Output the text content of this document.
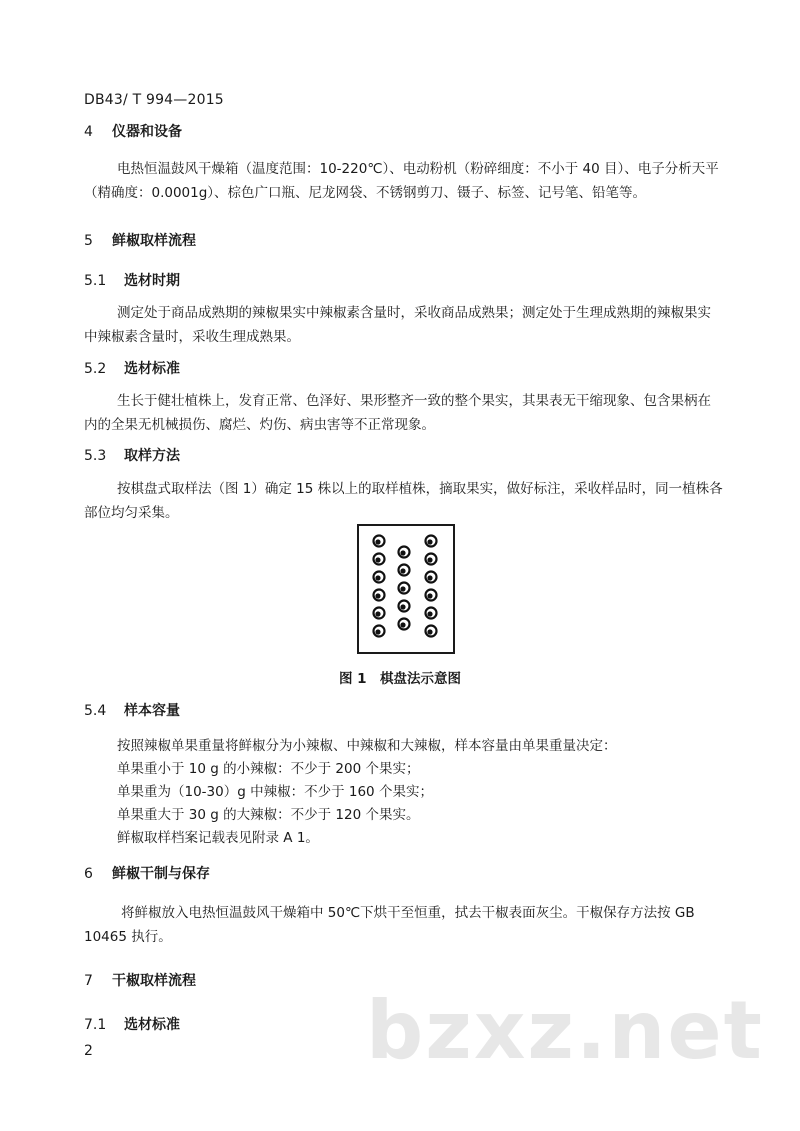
DB43/ T 994—2015
4 仪器和设备
电热恒温鼓风干燥箱（温度范围：10-220℃）、电动粉机（粉碎细度：不小于 40 目）、电子分析天平（精确度：0.0001g）、棕色广口瓶、尼龙网袋、不锈钢剪刀、镊子、标签、记号笔、铅笔等。
5 鲜椒取样流程
5.1 选材时期
测定处于商品成熟期的辣椒果实中辣椒素含量时，采收商品成熟果；测定处于生理成熟期的辣椒果实中辣椒素含量时，采收生理成熟果。
5.2 选材标准
生长于健壮植株上，发育正常、色泽好、果形整齐一致的整个果实，其果表无干缩现象、包含果柄在内的全果无机械损伤、腐烂、灼伤、病虫害等不正常现象。
5.3 取样方法
按棋盘式取样法（图 1）确定 15 株以上的取样植株，摘取果实，做好标注，采收样品时，同一植株各部位均匀采集。
图 1　棋盘法示意图
5.4 样本容量
按照辣椒单果重量将鲜椒分为小辣椒、中辣椒和大辣椒，样本容量由单果重量决定：
单果重小于 10 g 的小辣椒：不少于 200 个果实；
单果重为（10-30）g 中辣椒：不少于 160 个果实；
单果重大于 30 g 的大辣椒：不少于 120 个果实。
鲜椒取样档案记载表见附录 A 1。
6 鲜椒干制与保存
将鲜椒放入电热恒温鼓风干燥箱中 50℃下烘干至恒重，拭去干椒表面灰尘。干椒保存方法按 GB 10465 执行。
7 干椒取样流程
7.1 选材标准
2	bzxz.net
